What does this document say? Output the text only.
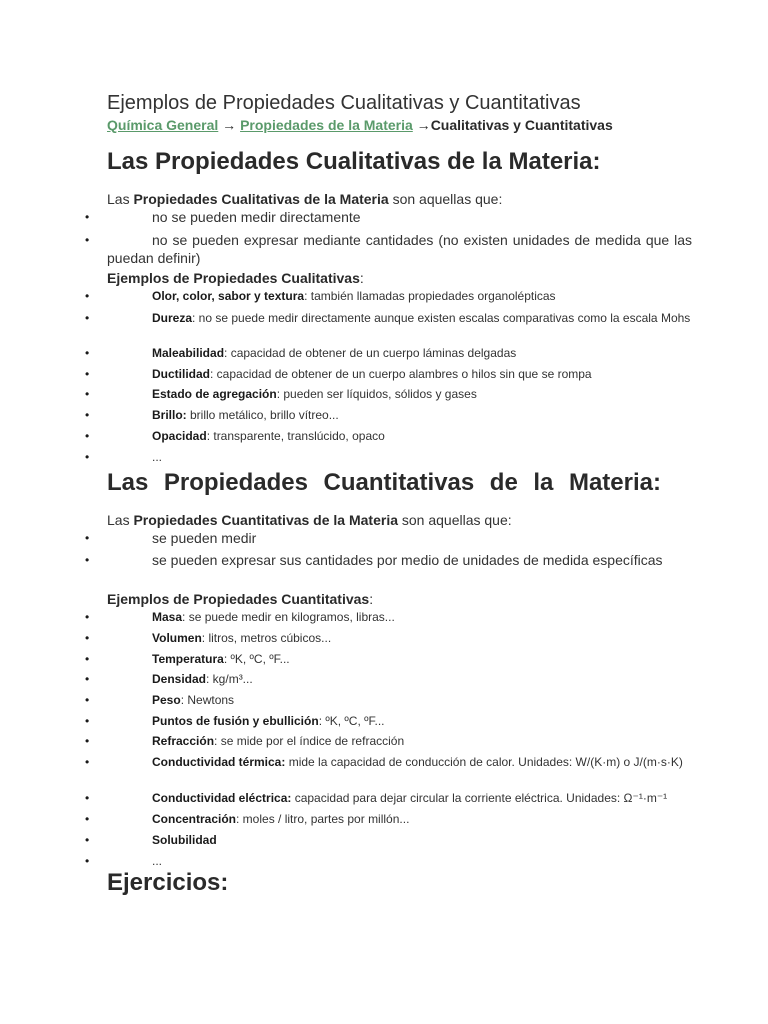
Ejemplos de Propiedades Cualitativas y Cuantitativas
Química General → Propiedades de la Materia →Cualitativas y Cuantitativas
Las Propiedades Cualitativas de la Materia:
Las Propiedades Cualitativas de la Materia son aquellas que:
•	no se pueden medir directamente
•	no se pueden expresar mediante cantidades (no existen unidades de medida que las puedan definir)
Ejemplos de Propiedades Cualitativas:
•	Olor, color, sabor y textura: también llamadas propiedades organolépticas
•	Dureza: no se puede medir directamente aunque existen escalas comparativas como la escala Mohs
•	Maleabilidad: capacidad de obtener de un cuerpo láminas delgadas
•	Ductilidad: capacidad de obtener de un cuerpo alambres o hilos sin que se rompa
•	Estado de agregación: pueden ser líquidos, sólidos y gases
•	Brillo: brillo metálico, brillo vítreo...
•	Opacidad: transparente, translúcido, opaco
•	...
Las Propiedades Cuantitativas de la Materia:
Las Propiedades Cuantitativas de la Materia son aquellas que:
•	se pueden medir
•	se pueden expresar sus cantidades por medio de unidades de medida específicas
Ejemplos de Propiedades Cuantitativas:
•	Masa: se puede medir en kilogramos, libras...
•	Volumen: litros, metros cúbicos...
•	Temperatura: ºK, ºC, ºF...
•	Densidad: kg/m³...
•	Peso: Newtons
•	Puntos de fusión y ebullición: ºK, ºC, ºF...
•	Refracción: se mide por el índice de refracción
•	Conductividad térmica: mide la capacidad de conducción de calor. Unidades: W/(K·m) o J/(m·s·K)
•	Conductividad eléctrica: capacidad para dejar circular la corriente eléctrica. Unidades: Ω⁻¹·m⁻¹
•	Concentración: moles / litro, partes por millón...
•	Solubilidad
•	...
Ejercicios:
